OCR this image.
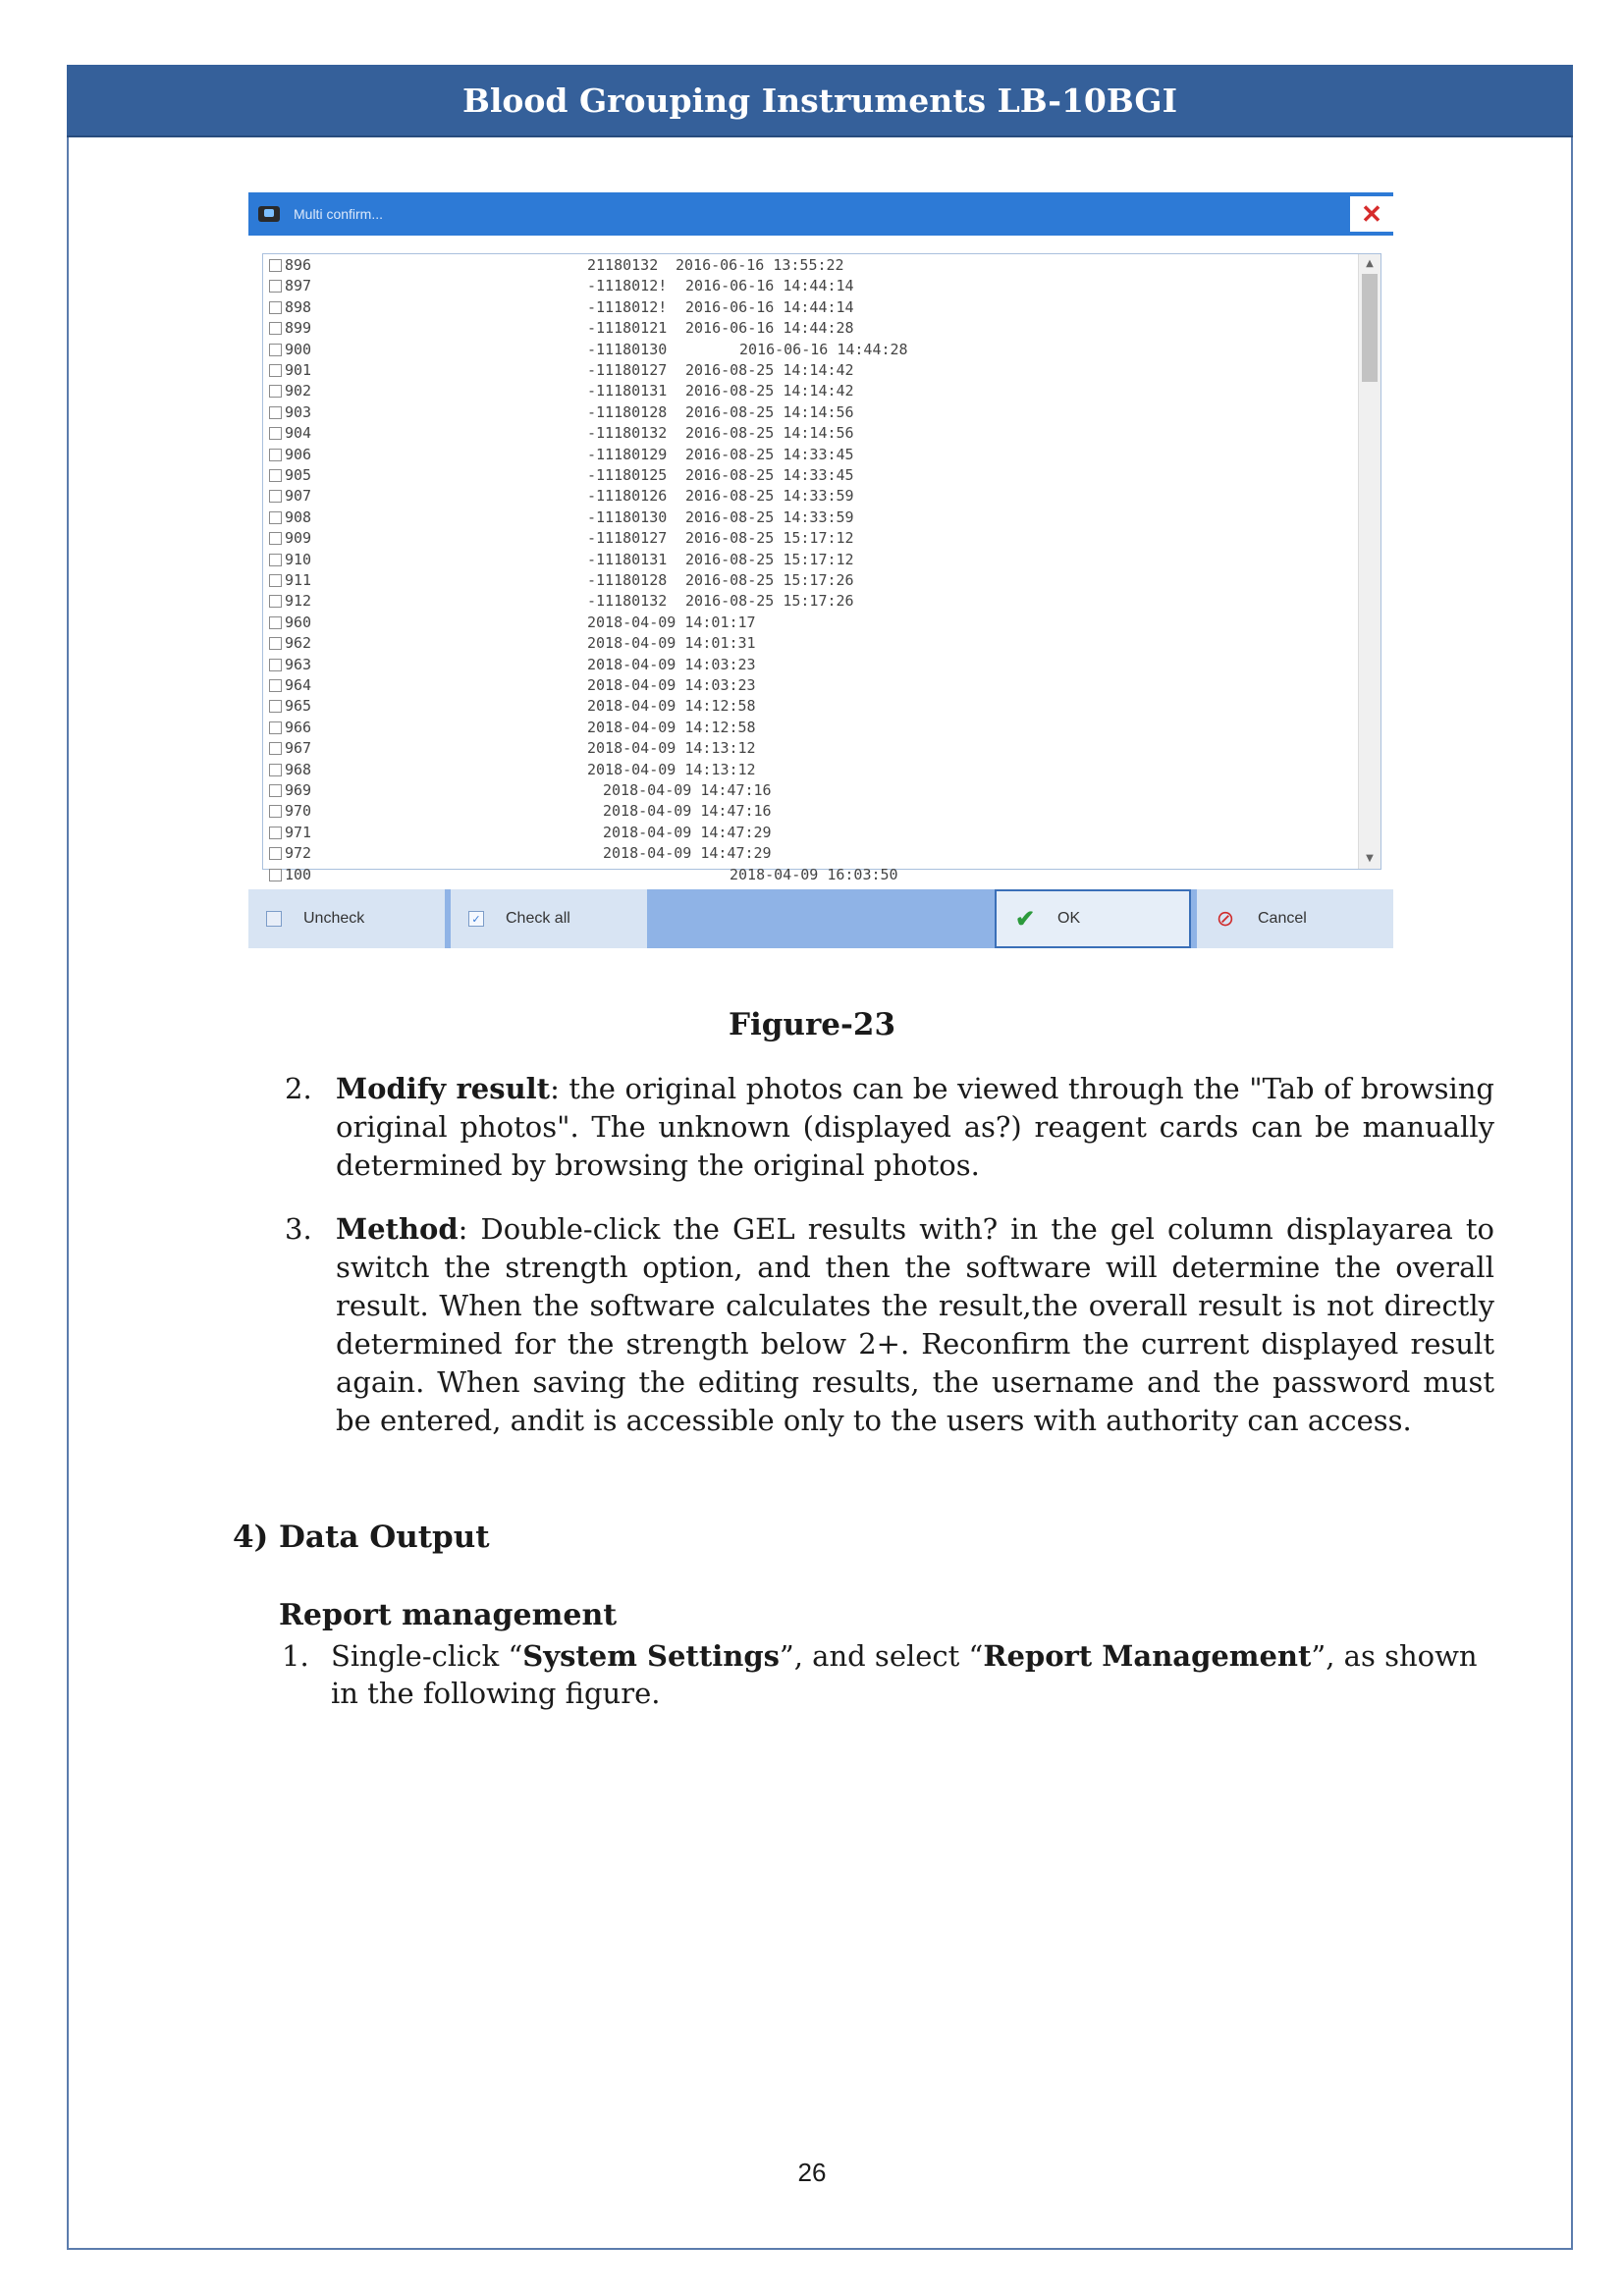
Blood Grouping Instruments LB-10BGI
Multi confirm...	✕
896	21180132 2016-06-16 13:55:22
897	-1118012! 2016-06-16 14:44:14
898	-1118012! 2016-06-16 14:44:14
899	-11180121 2016-06-16 14:44:28
900	-11180130	2016-06-16 14:44:28
901	-11180127 2016-08-25 14:14:42
902	-11180131 2016-08-25 14:14:42
903	-11180128 2016-08-25 14:14:56
904	-11180132 2016-08-25 14:14:56
906	-11180129 2016-08-25 14:33:45
905	-11180125 2016-08-25 14:33:45
907	-11180126 2016-08-25 14:33:59
908	-11180130 2016-08-25 14:33:59
909	-11180127 2016-08-25 15:17:12
910	-11180131 2016-08-25 15:17:12
911	-11180128 2016-08-25 15:17:26
912	-11180132 2016-08-25 15:17:26
960	2018-04-09 14:01:17
962	2018-04-09 14:01:31
963	2018-04-09 14:03:23
964	2018-04-09 14:03:23
965	2018-04-09 14:12:58
966	2018-04-09 14:12:58
967	2018-04-09 14:13:12
968	2018-04-09 14:13:12
969	2018-04-09 14:47:16
970	2018-04-09 14:47:16
971	2018-04-09 14:47:29
972	2018-04-09 14:47:29
100	2018-04-09 16:03:50
▲
▼
Uncheck	✓ Check all	✔ OK	⊘ Cancel
Figure-23
2. Modify result: the original photos can be viewed through the "Tab of browsing original photos". The unknown (displayed as?) reagent cards can be manually determined by browsing the original photos.
3. Method: Double-click the GEL results with? in the gel column displayarea to switch the strength option, and then the software will determine the overall result. When the software calculates the result,the overall result is not directly determined for the strength below 2+. Reconfirm the current displayed result again. When saving the editing results, the username and the password must be entered, andit is accessible only to the users with authority can access.
4) Data Output
Report management
1. Single-click “System Settings”, and select “Report Management”, as shown in the following figure.
26
